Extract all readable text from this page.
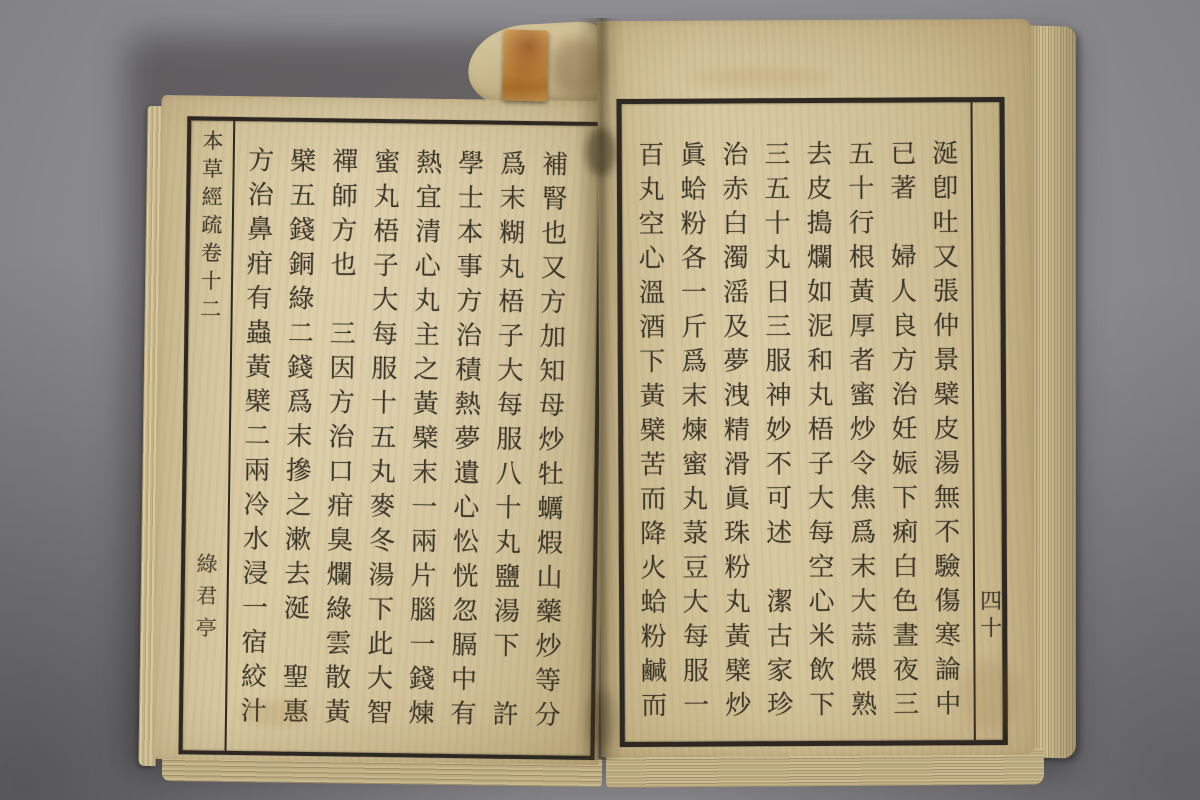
本草經疏卷十二
綠君亭	補腎也又方加知母炒牡蠣煆山藥炒等分
爲末糊丸梧子大每服八十丸鹽湯下　許
學士本事方治積熱夢遺心忪恍忽膈中有
熱宜清心丸主之黃檗末一兩片腦一錢煉
蜜丸梧子大每服十五丸麥冬湯下此大智
禪師方也　三因方治口疳臭爛綠雲散黃
檗五錢銅綠二錢爲末摻之漱去涎　聖惠
方治鼻疳有蟲黃檗二兩冷水浸一宿絞汁	四十
涎卽吐又張仲景檗皮湯無不驗傷寒論中
已著　婦人良方治妊娠下痢白色晝夜三
五十行根黃厚者蜜炒令焦爲末大蒜煨熟
去皮搗爛如泥和丸梧子大每空心米飲下
三五十丸日三服神妙不可述　潔古家珍
治赤白濁滛及夢洩精滑眞珠粉丸黃檗炒
眞蛤粉各一斤爲末煉蜜丸菉豆大每服一
百丸空心溫酒下黃檗苦而降火蛤粉鹹而
